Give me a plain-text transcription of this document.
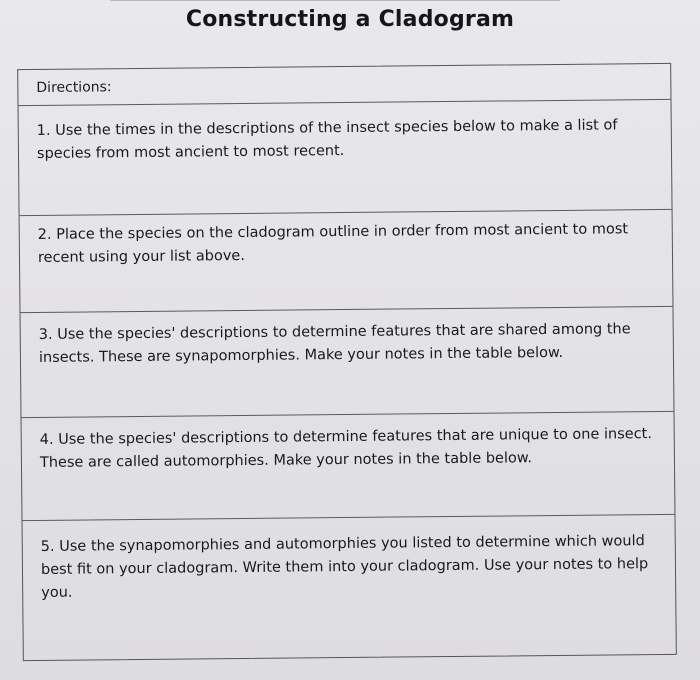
Constructing a Cladogram
Directions:
1. Use the times in the descriptions of the insect species below to make a list of species from most ancient to most recent.
2. Place the species on the cladogram outline in order from most ancient to most recent using your list above.
3. Use the species' descriptions to determine features that are shared among the insects. These are synapomorphies. Make your notes in the table below.
4. Use the species' descriptions to determine features that are unique to one insect. These are called automorphies. Make your notes in the table below.
5. Use the synapomorphies and automorphies you listed to determine which would best fit on your cladogram. Write them into your cladogram. Use your notes to help you.
